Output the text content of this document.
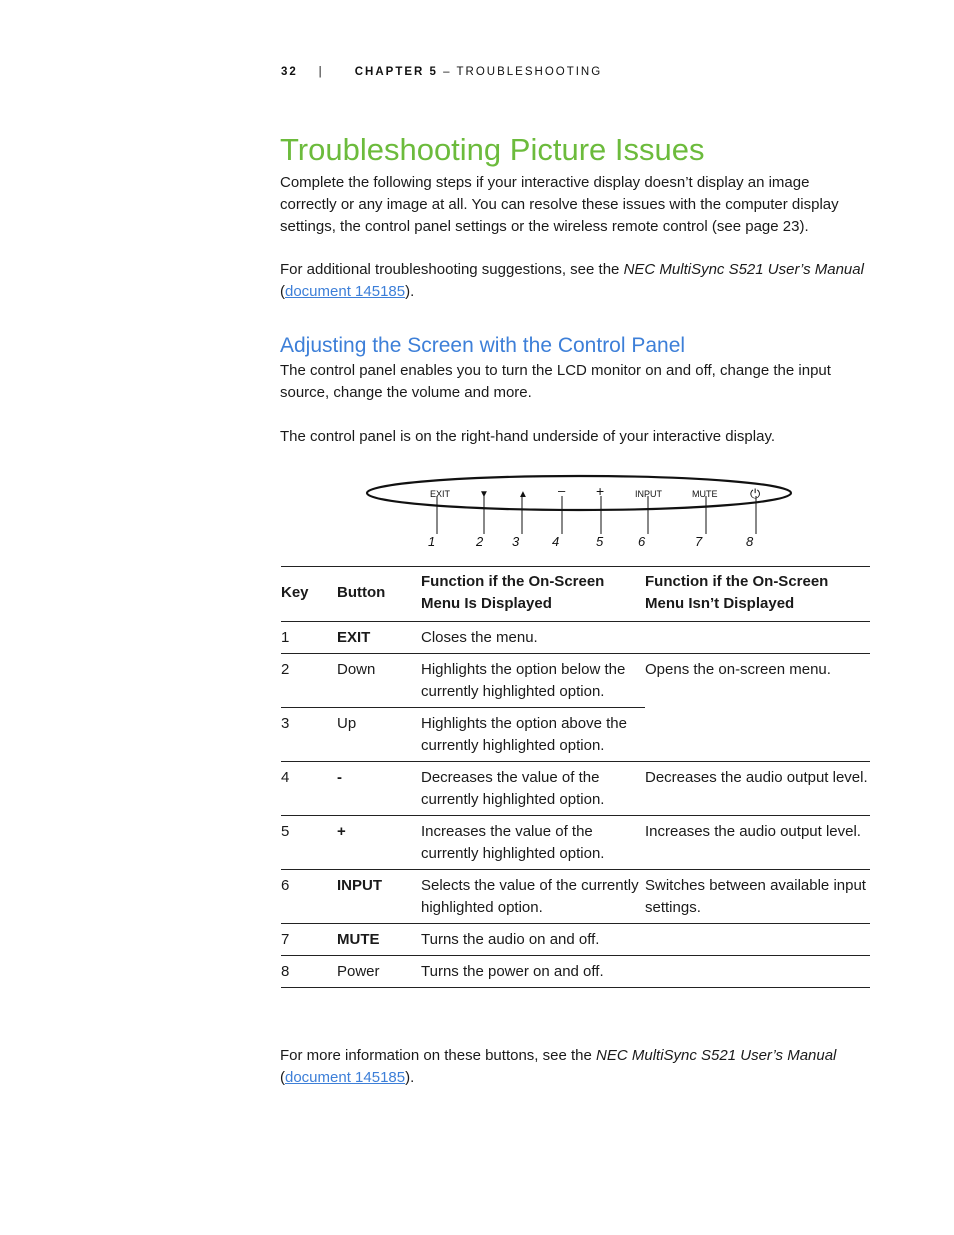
32 |	CHAPTER 5 – TROUBLESHOOTING
Troubleshooting Picture Issues

Complete the following steps if your interactive display doesn’t display an image correctly or any image at all. You can resolve these issues with the computer display settings, the control panel settings or the wireless remote control (see page 23).

For additional troubleshooting suggestions, see the NEC MultiSync S521 User’s Manual (document 145185).

Adjusting the Screen with the Control Panel

The control panel enables you to turn the LCD monitor on and off, change the input source, change the volume and more.

The control panel is on the right-hand underside of your interactive display.

EXIT	▼	▲ – +	INPUT	MUTE	⏻
1	2 3	4	5	6	7	8
Key	Button	Function if the On-Screen Menu Is Displayed	Function if the On-Screen Menu Isn’t Displayed
1	EXIT	Closes the menu.	
2	Down	Highlights the option below the currently highlighted option.	Opens the on-screen menu.
3	Up	Highlights the option above the currently highlighted option.	
4	-	Decreases the value of the currently highlighted option.	Decreases the audio output level.
5	+	Increases the value of the currently highlighted option.	Increases the audio output level.
6	INPUT	Selects the value of the currently highlighted option.	Switches between available input settings.
7	MUTE	Turns the audio on and off.	
8	Power	Turns the power on and off.	

For more information on these buttons, see the NEC MultiSync S521 User’s Manual
(document 145185).
